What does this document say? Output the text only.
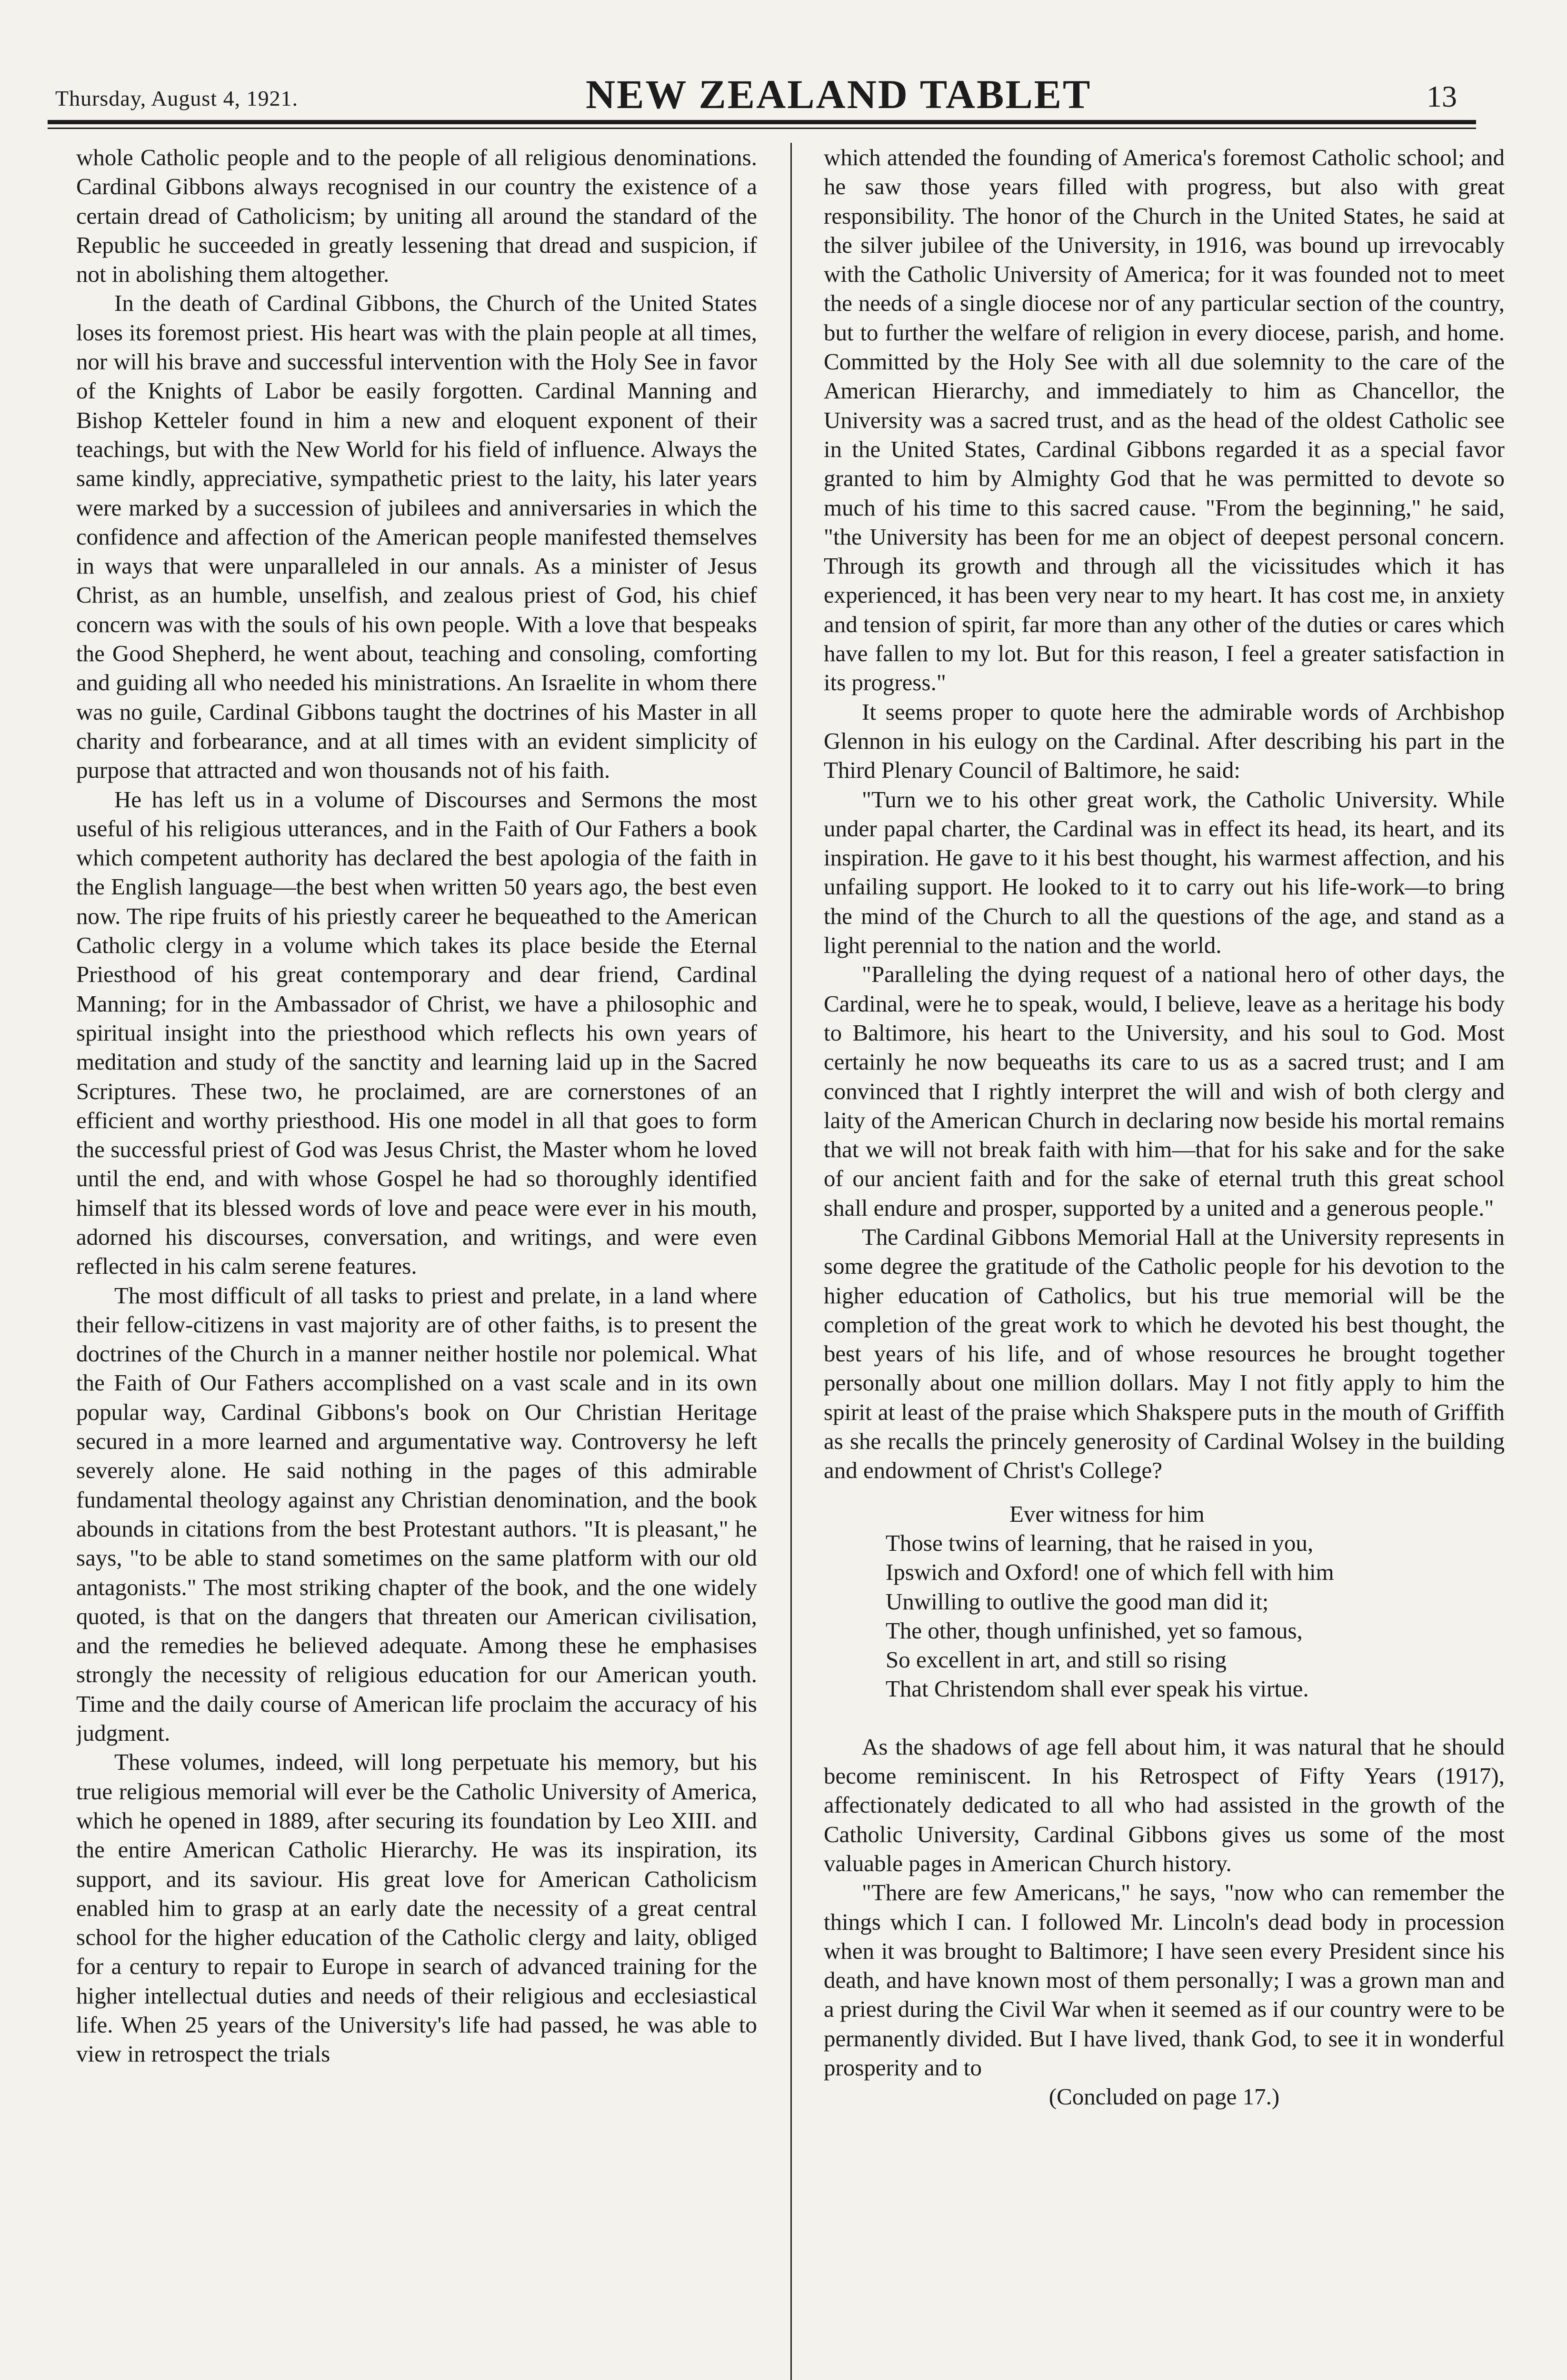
Thursday, August 4, 1921.	NEW ZEALAND TABLET	13

whole Catholic people and to the people of all religious denominations. Cardinal Gibbons always recognised in our country the existence of a certain dread of Catholicism; by uniting all around the standard of the Republic he succeeded in greatly lessening that dread and suspicion, if not in abolishing them altogether.

In the death of Cardinal Gibbons, the Church of the United States loses its foremost priest. His heart was with the plain people at all times, nor will his brave and successful intervention with the Holy See in favor of the Knights of Labor be easily forgotten. Cardinal Manning and Bishop Ketteler found in him a new and eloquent exponent of their teachings, but with the New World for his field of influence. Always the same kindly, appreciative, sympathetic priest to the laity, his later years were marked by a succession of jubilees and anniversaries in which the confidence and affection of the American people manifested themselves in ways that were unparalleled in our annals. As a minister of Jesus Christ, as an humble, unselfish, and zealous priest of God, his chief concern was with the souls of his own people. With a love that bespeaks the Good Shepherd, he went about, teaching and consoling, comforting and guiding all who needed his ministrations. An Israelite in whom there was no guile, Cardinal Gibbons taught the doctrines of his Master in all charity and forbearance, and at all times with an evident simplicity of purpose that attracted and won thousands not of his faith.

He has left us in a volume of Discourses and Sermons the most useful of his religious utterances, and in the Faith of Our Fathers a book which competent authority has declared the best apologia of the faith in the English language—the best when written 50 years ago, the best even now. The ripe fruits of his priestly career he bequeathed to the American Catholic clergy in a volume which takes its place beside the Eternal Priesthood of his great contemporary and dear friend, Cardinal Manning; for in the Ambassador of Christ, we have a philosophic and spiritual insight into the priesthood which reflects his own years of meditation and study of the sanctity and learning laid up in the Sacred Scriptures. These two, he proclaimed, are are cornerstones of an efficient and worthy priesthood. His one model in all that goes to form the successful priest of God was Jesus Christ, the Master whom he loved until the end, and with whose Gospel he had so thoroughly identified himself that its blessed words of love and peace were ever in his mouth, adorned his discourses, conversation, and writings, and were even reflected in his calm serene features.

The most difficult of all tasks to priest and prelate, in a land where their fellow-citizens in vast majority are of other faiths, is to present the doctrines of the Church in a manner neither hostile nor polemical. What the Faith of Our Fathers accomplished on a vast scale and in its own popular way, Cardinal Gibbons's book on Our Christian Heritage secured in a more learned and argumentative way. Controversy he left severely alone. He said nothing in the pages of this admirable fundamental theology against any Christian denomination, and the book abounds in citations from the best Protestant authors. "It is pleasant," he says, "to be able to stand sometimes on the same platform with our old antagonists." The most striking chapter of the book, and the one widely quoted, is that on the dangers that threaten our American civilisation, and the remedies he believed adequate. Among these he emphasises strongly the necessity of religious education for our American youth. Time and the daily course of American life proclaim the accuracy of his judgment.

These volumes, indeed, will long perpetuate his memory, but his true religious memorial will ever be the Catholic University of America, which he opened in 1889, after securing its foundation by Leo XIII. and the entire American Catholic Hierarchy. He was its inspiration, its support, and its saviour. His great love for American Catholicism enabled him to grasp at an early date the necessity of a great central school for the higher education of the Catholic clergy and laity, obliged for a century to repair to Europe in search of advanced training for the higher intellectual duties and needs of their religious and ecclesiastical life. When 25 years of the University's life had passed, he was able to view in retrospect the trials

which attended the founding of America's foremost Catholic school; and he saw those years filled with progress, but also with great responsibility. The honor of the Church in the United States, he said at the silver jubilee of the University, in 1916, was bound up irrevocably with the Catholic University of America; for it was founded not to meet the needs of a single diocese nor of any particular section of the country, but to further the welfare of religion in every diocese, parish, and home. Committed by the Holy See with all due solemnity to the care of the American Hierarchy, and immediately to him as Chancellor, the University was a sacred trust, and as the head of the oldest Catholic see in the United States, Cardinal Gibbons regarded it as a special favor granted to him by Almighty God that he was permitted to devote so much of his time to this sacred cause. "From the beginning," he said, "the University has been for me an object of deepest personal concern. Through its growth and through all the vicissitudes which it has experienced, it has been very near to my heart. It has cost me, in anxiety and tension of spirit, far more than any other of the duties or cares which have fallen to my lot. But for this reason, I feel a greater satisfaction in its progress."

It seems proper to quote here the admirable words of Archbishop Glennon in his eulogy on the Cardinal. After describing his part in the Third Plenary Council of Baltimore, he said:

"Turn we to his other great work, the Catholic University. While under papal charter, the Cardinal was in effect its head, its heart, and its inspiration. He gave to it his best thought, his warmest affection, and his unfailing support. He looked to it to carry out his life-work—to bring the mind of the Church to all the questions of the age, and stand as a light perennial to the nation and the world.

"Paralleling the dying request of a national hero of other days, the Cardinal, were he to speak, would, I believe, leave as a heritage his body to Baltimore, his heart to the University, and his soul to God. Most certainly he now bequeaths its care to us as a sacred trust; and I am convinced that I rightly interpret the will and wish of both clergy and laity of the American Church in declaring now beside his mortal remains that we will not break faith with him—that for his sake and for the sake of our ancient faith and for the sake of eternal truth this great school shall endure and prosper, supported by a united and a generous people."

The Cardinal Gibbons Memorial Hall at the University represents in some degree the gratitude of the Catholic people for his devotion to the higher education of Catholics, but his true memorial will be the completion of the great work to which he devoted his best thought, the best years of his life, and of whose resources he brought together personally about one million dollars. May I not fitly apply to him the spirit at least of the praise which Shakspere puts in the mouth of Griffith as she recalls the princely generosity of Cardinal Wolsey in the building and endowment of Christ's College?

Ever witness for him
Those twins of learning, that he raised in you,
Ipswich and Oxford! one of which fell with him
Unwilling to outlive the good man did it;
The other, though unfinished, yet so famous,
So excellent in art, and still so rising
That Christendom shall ever speak his virtue.

As the shadows of age fell about him, it was natural that he should become reminiscent. In his Retrospect of Fifty Years (1917), affectionately dedicated to all who had assisted in the growth of the Catholic University, Cardinal Gibbons gives us some of the most valuable pages in American Church history.

"There are few Americans," he says, "now who can remember the things which I can. I followed Mr. Lincoln's dead body in procession when it was brought to Baltimore; I have seen every President since his death, and have known most of them personally; I was a grown man and a priest during the Civil War when it seemed as if our country were to be permanently divided. But I have lived, thank God, to see it in wonderful prosperity and to

(Concluded on page 17.)
